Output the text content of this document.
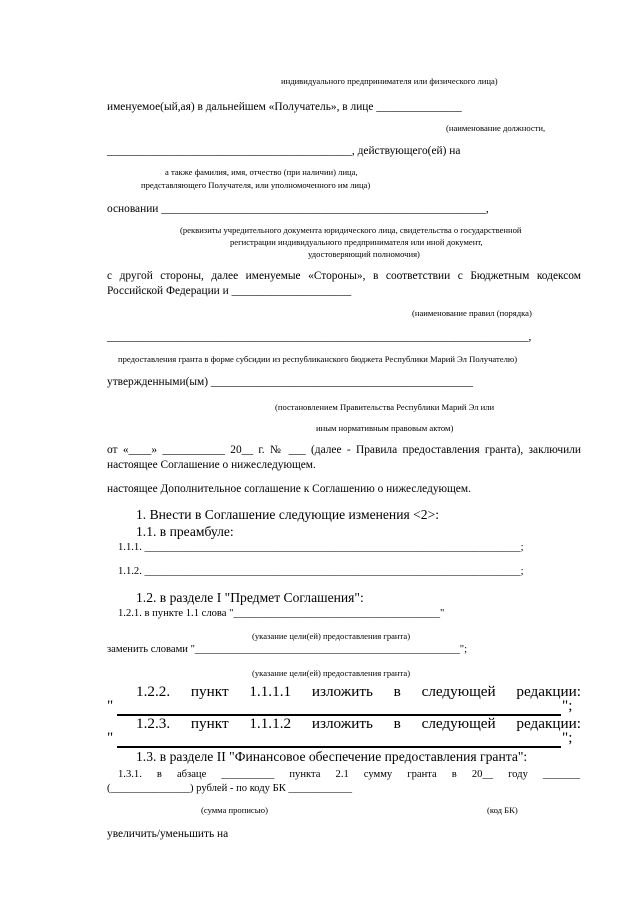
индивидуального предпринимателя или физического лица)
именуемое(ый,ая) в дальнейшем «Получатель», в лице _______________
(наименование должности,
___________________________________________, действующего(ей) на
а также фамилия, имя, отчество (при наличии) лица,
представляющего Получателя, или уполномоченного им лица)
основании _________________________________________________________,
(реквизиты учредительного документа юридического лица, свидетельства о государственной
регистрации индивидуального предпринимателя или иной документ,
удостоверяющий полномочия)
с другой стороны, далее именуемые «Стороны», в соответствии с Бюджетным кодексом
Российской Федерации и _____________________
(наименование правил (порядка)
__________________________________________________________________________,
предоставления гранта в форме субсидии из республиканского бюджета Республики Марий Эл Получателю)
утвержденными(ым) ______________________________________________
(постановлением Правительства Республики Марий Эл или
иным нормативным правовым актом)
от «____» ___________ 20__ г. № ___ (далее - Правила предоставления гранта), заключили
настоящее Соглашение о нижеследующем.
настоящее Дополнительное соглашение к Соглашению о нижеследующем.
1. Внести в Соглашение следующие изменения <2>:
1.1. в преамбуле:
1.1.1. _______________________________________________________________________;
1.1.2. _______________________________________________________________________;
1.2. в разделе I "Предмет Соглашения":
1.2.1. в пункте 1.1 слова "_______________________________________"
(указание цели(ей) предоставления гранта)
заменить словами "__________________________________________________";
(указание цели(ей) предоставления гранта)
1.2.2.     пункт     1.1.1.1     изложить     в     следующей     редакции:
"	";
1.2.3.     пункт     1.1.1.2     изложить     в     следующей     редакции:
"	";
1.3. в разделе II "Финансовое обеспечение предоставления гранта":
1.3.1.    в    абзаце    __________    пункта    2.1    сумму    гранта    в    20__    году    _______
(_______________) рублей - по коду БК ____________
(сумма прописью)	(код БК)
увеличить/уменьшить на
